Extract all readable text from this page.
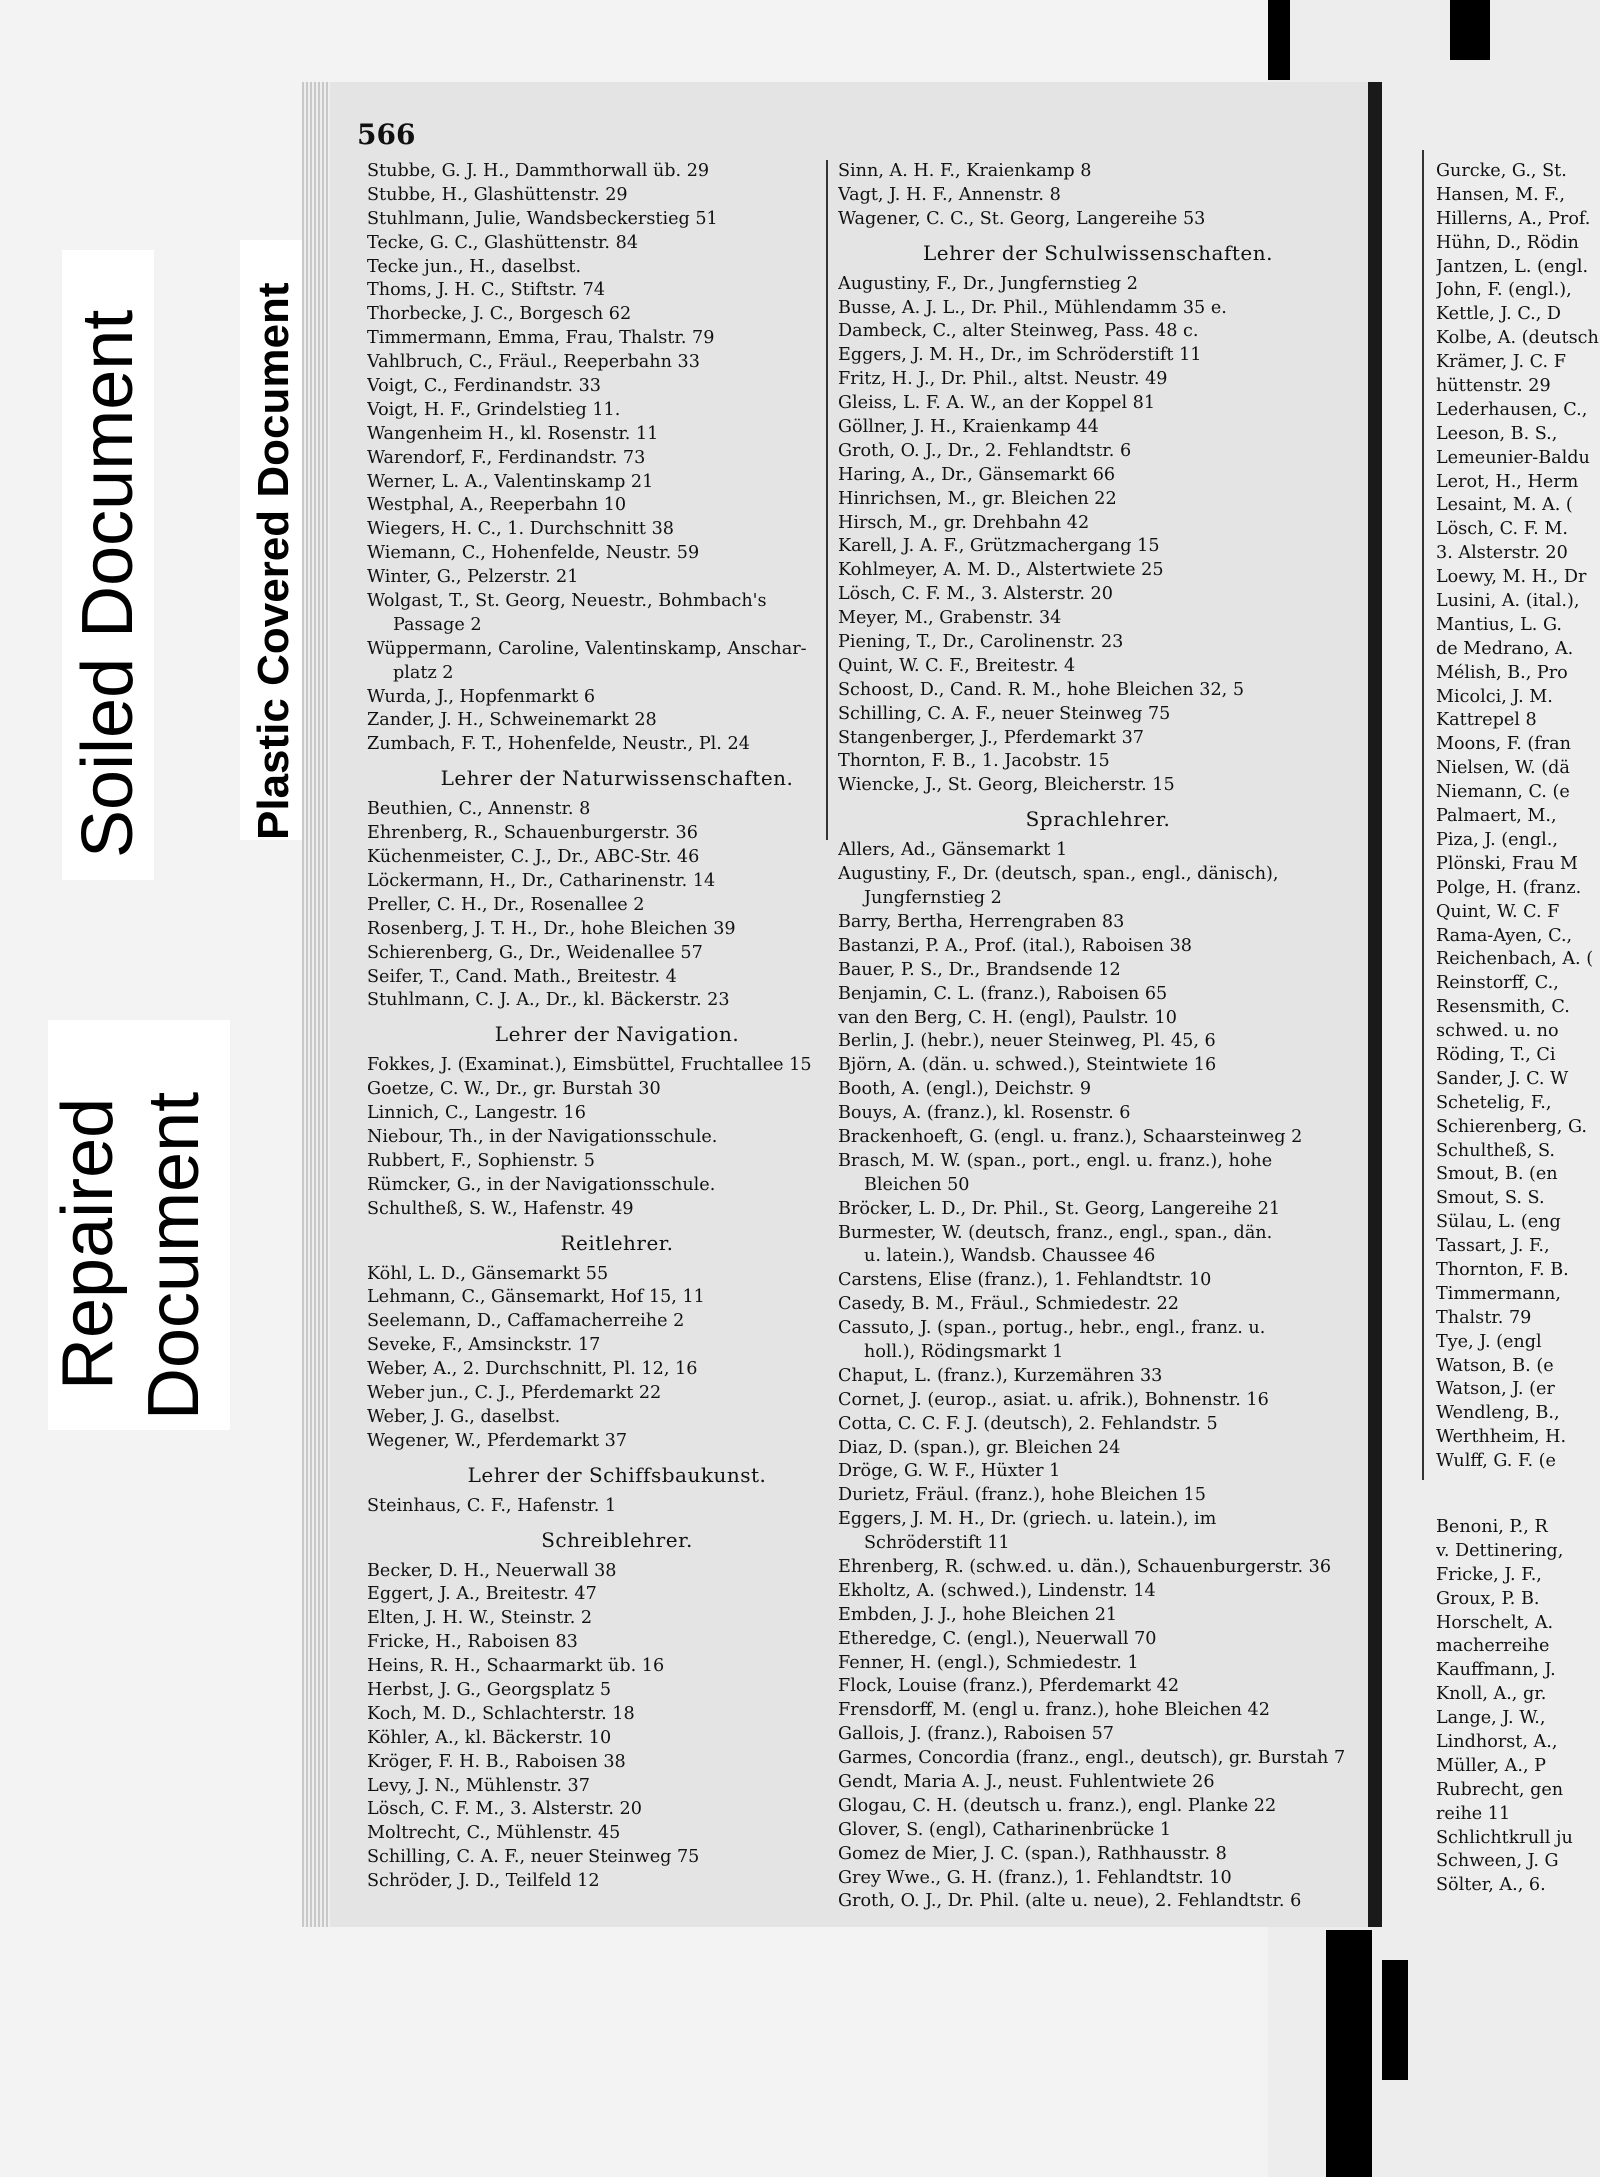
Soiled Document Plastic Covered Document
Repaired Document
566
Stubbe, G. J. H., Dammthorwall üb. 29
Stubbe, H., Glashüttenstr. 29
Stuhlmann, Julie, Wandsbeckerstieg 51
Tecke, G. C., Glashüttenstr. 84
Tecke jun., H., daselbst.
Thoms, J. H. C., Stiftstr. 74
Thorbecke, J. C., Borgesch 62
Timmermann, Emma, Frau, Thalstr. 79
Vahlbruch, C., Fräul., Reeperbahn 33
Voigt, C., Ferdinandstr. 33
Voigt, H. F., Grindelstieg 11.
Wangenheim H., kl. Rosenstr. 11
Warendorf, F., Ferdinandstr. 73
Werner, L. A., Valentinskamp 21
Westphal, A., Reeperbahn 10
Wiegers, H. C., 1. Durchschnitt 38
Wiemann, C., Hohenfelde, Neustr. 59
Winter, G., Pelzerstr. 21
Wolgast, T., St. Georg, Neuestr., Bohmbach's
Passage 2
Wüppermann, Caroline, Valentinskamp, Anschar-
platz 2
Wurda, J., Hopfenmarkt 6
Zander, J. H., Schweinemarkt 28
Zumbach, F. T., Hohenfelde, Neustr., Pl. 24
Lehrer der Naturwissenschaften.
Beuthien, C., Annenstr. 8
Ehrenberg, R., Schauenburgerstr. 36
Küchenmeister, C. J., Dr., ABC-Str. 46
Löckermann, H., Dr., Catharinenstr. 14
Preller, C. H., Dr., Rosenallee 2
Rosenberg, J. T. H., Dr., hohe Bleichen 39
Schierenberg, G., Dr., Weidenallee 57
Seifer, T., Cand. Math., Breitestr. 4
Stuhlmann, C. J. A., Dr., kl. Bäckerstr. 23
Lehrer der Navigation.
Fokkes, J. (Examinat.), Eimsbüttel, Fruchtallee 15
Goetze, C. W., Dr., gr. Burstah 30
Linnich, C., Langestr. 16
Niebour, Th., in der Navigationsschule.
Rubbert, F., Sophienstr. 5
Rümcker, G., in der Navigationsschule.
Schultheß, S. W., Hafenstr. 49
Reitlehrer.
Köhl, L. D., Gänsemarkt 55
Lehmann, C., Gänsemarkt, Hof 15, 11
Seelemann, D., Caffamacherreihe 2
Seveke, F., Amsinckstr. 17
Weber, A., 2. Durchschnitt, Pl. 12, 16
Weber jun., C. J., Pferdemarkt 22
Weber, J. G., daselbst.
Wegener, W., Pferdemarkt 37
Lehrer der Schiffsbaukunst.
Steinhaus, C. F., Hafenstr. 1
Schreiblehrer.
Becker, D. H., Neuerwall 38
Eggert, J. A., Breitestr. 47
Elten, J. H. W., Steinstr. 2
Fricke, H., Raboisen 83
Heins, R. H., Schaarmarkt üb. 16
Herbst, J. G., Georgsplatz 5
Koch, M. D., Schlachterstr. 18
Köhler, A., kl. Bäckerstr. 10
Kröger, F. H. B., Raboisen 38
Levy, J. N., Mühlenstr. 37
Lösch, C. F. M., 3. Alsterstr. 20
Moltrecht, C., Mühlenstr. 45
Schilling, C. A. F., neuer Steinweg 75
Schröder, J. D., Teilfeld 12
Sinn, A. H. F., Kraienkamp 8
Vagt, J. H. F., Annenstr. 8
Wagener, C. C., St. Georg, Langereihe 53
Lehrer der Schulwissenschaften.
Augustiny, F., Dr., Jungfernstieg 2
Busse, A. J. L., Dr. Phil., Mühlendamm 35 e.
Dambeck, C., alter Steinweg, Pass. 48 c.
Eggers, J. M. H., Dr., im Schröderstift 11
Fritz, H. J., Dr. Phil., altst. Neustr. 49
Gleiss, L. F. A. W., an der Koppel 81
Göllner, J. H., Kraienkamp 44
Groth, O. J., Dr., 2. Fehlandtstr. 6
Haring, A., Dr., Gänsemarkt 66
Hinrichsen, M., gr. Bleichen 22
Hirsch, M., gr. Drehbahn 42
Karell, J. A. F., Grützmachergang 15
Kohlmeyer, A. M. D., Alstertwiete 25
Lösch, C. F. M., 3. Alsterstr. 20
Meyer, M., Grabenstr. 34
Piening, T., Dr., Carolinenstr. 23
Quint, W. C. F., Breitestr. 4
Schoost, D., Cand. R. M., hohe Bleichen 32, 5
Schilling, C. A. F., neuer Steinweg 75
Stangenberger, J., Pferdemarkt 37
Thornton, F. B., 1. Jacobstr. 15
Wiencke, J., St. Georg, Bleicherstr. 15
Sprachlehrer.
Allers, Ad., Gänsemarkt 1
Augustiny, F., Dr. (deutsch, span., engl., dänisch),
Jungfernstieg 2
Barry, Bertha, Herrengraben 83
Bastanzi, P. A., Prof. (ital.), Raboisen 38
Bauer, P. S., Dr., Brandsende 12
Benjamin, C. L. (franz.), Raboisen 65
van den Berg, C. H. (engl), Paulstr. 10
Berlin, J. (hebr.), neuer Steinweg, Pl. 45, 6
Björn, A. (dän. u. schwed.), Steintwiete 16
Booth, A. (engl.), Deichstr. 9
Bouys, A. (franz.), kl. Rosenstr. 6
Brackenhoeft, G. (engl. u. franz.), Schaarsteinweg 2
Brasch, M. W. (span., port., engl. u. franz.), hohe
Bleichen 50
Bröcker, L. D., Dr. Phil., St. Georg, Langereihe 21
Burmester, W. (deutsch, franz., engl., span., dän.
u. latein.), Wandsb. Chaussee 46
Carstens, Elise (franz.), 1. Fehlandtstr. 10
Casedy, B. M., Fräul., Schmiedestr. 22
Cassuto, J. (span., portug., hebr., engl., franz. u.
holl.), Rödingsmarkt 1
Chaput, L. (franz.), Kurzemähren 33
Cornet, J. (europ., asiat. u. afrik.), Bohnenstr. 16
Cotta, C. C. F. J. (deutsch), 2. Fehlandstr. 5
Diaz, D. (span.), gr. Bleichen 24
Dröge, G. W. F., Hüxter 1
Durietz, Fräul. (franz.), hohe Bleichen 15
Eggers, J. M. H., Dr. (griech. u. latein.), im
Schröderstift 11
Ehrenberg, R. (schw.ed. u. dän.), Schauenburgerstr. 36
Ekholtz, A. (schwed.), Lindenstr. 14
Embden, J. J., hohe Bleichen 21
Etheredge, C. (engl.), Neuerwall 70
Fenner, H. (engl.), Schmiedestr. 1
Flock, Louise (franz.), Pferdemarkt 42
Frensdorff, M. (engl u. franz.), hohe Bleichen 42
Gallois, J. (franz.), Raboisen 57
Garmes, Concordia (franz., engl., deutsch), gr. Burstah 7
Gendt, Maria A. J., neust. Fuhlentwiete 26
Glogau, C. H. (deutsch u. franz.), engl. Planke 22
Glover, S. (engl), Catharinenbrücke 1
Gomez de Mier, J. C. (span.), Rathhausstr. 8
Grey Wwe., G. H. (franz.), 1. Fehlandtstr. 10
Groth, O. J., Dr. Phil. (alte u. neue), 2. Fehlandtstr. 6
Gurcke, G., St.
Hansen, M. F.,
Hillerns, A., Prof.
Hühn, D., Rödin
Jantzen, L. (engl.
John, F. (engl.),
Kettle, J. C., D
Kolbe, A. (deutsch
Krämer, J. C. F
hüttenstr. 29
Lederhausen, C.,
Leeson, B. S.,
Lemeunier-Baldu
Lerot, H., Herm
Lesaint, M. A. (
Lösch, C. F. M.
3. Alsterstr. 20
Loewy, M. H., Dr
Lusini, A. (ital.),
Mantius, L. G.
de Medrano, A.
Mélish, B., Pro
Micolci, J. M.
Kattrepel 8
Moons, F. (fran
Nielsen, W. (dä
Niemann, C. (e
Palmaert, M.,
Piza, J. (engl.,
Plönski, Frau M
Polge, H. (franz.
Quint, W. C. F
Rama-Ayen, C.,
Reichenbach, A. (
Reinstorff, C.,
Resensmith, C.
schwed. u. no
Röding, T., Ci
Sander, J. C. W
Schetelig, F.,
Schierenberg, G.
Schultheß, S.
Smout, B. (en
Smout, S. S.
Sülau, L. (eng
Tassart, J. F.,
Thornton, F. B.
Timmermann,
Thalstr. 79
Tye, J. (engl
Watson, B. (e
Watson, J. (er
Wendleng, B.,
Werthheim, H.
Wulff, G. F. (e
Benoni, P., R
v. Dettinering,
Fricke, J. F.,
Groux, P. B.
Horschelt, A.
macherreihe
Kauffmann, J.
Knoll, A., gr.
Lange, J. W.,
Lindhorst, A.,
Müller, A., P
Rubrecht, gen
reihe 11
Schlichtkrull ju
Schween, J. G
Sölter, A., 6.
